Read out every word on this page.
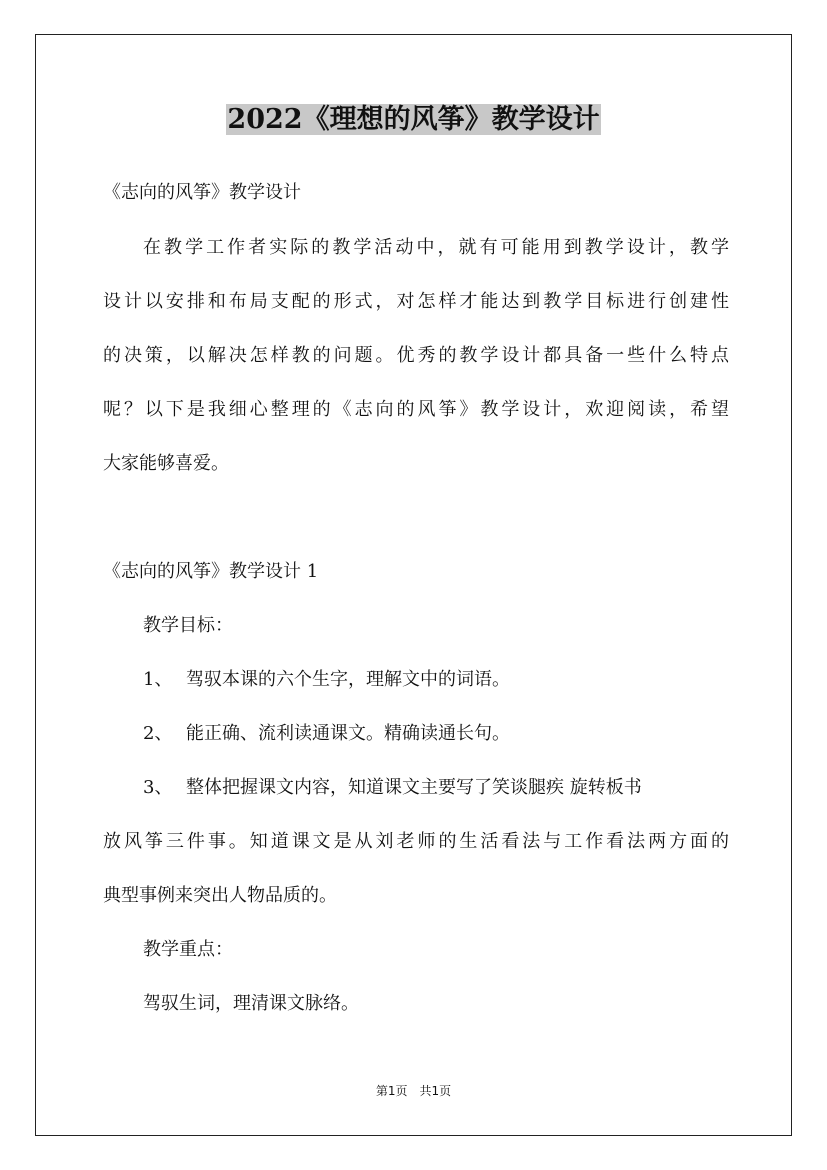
2022《理想的风筝》教学设计
《志向的风筝》教学设计
在教学工作者实际的教学活动中，就有可能用到教学设计，教学
设计以安排和布局支配的形式，对怎样才能达到教学目标进行创建性
的决策，以解决怎样教的问题。优秀的教学设计都具备一些什么特点
呢？以下是我细心整理的《志向的风筝》教学设计，欢迎阅读，希望
大家能够喜爱。
《志向的风筝》教学设计 1
教学目标：
1、 驾驭本课的六个生字，理解文中的词语。
2、 能正确、流利读通课文。精确读通长句。
3、 整体把握课文内容，知道课文主要写了笑谈腿疾 旋转板书
放风筝三件事。知道课文是从刘老师的生活看法与工作看法两方面的
典型事例来突出人物品质的。
教学重点：
驾驭生词，理清课文脉络。
第1页　共1页
